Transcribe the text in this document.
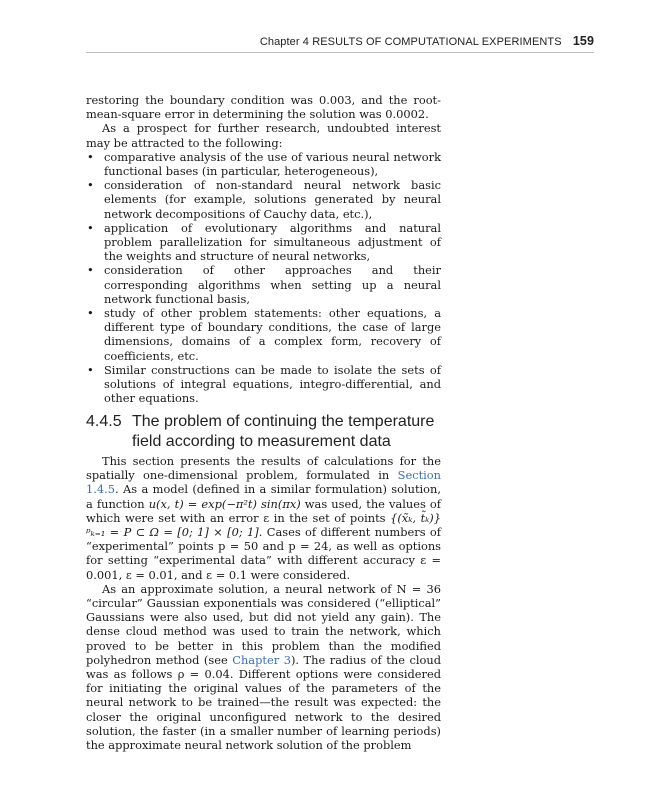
Chapter 4 RESULTS OF COMPUTATIONAL EXPERIMENTS 159

restoring the boundary condition was 0.003, and the root-mean-square error in determining the solution was 0.0002.

As a prospect for further research, undoubted interest may be attracted to the following:

• comparative analysis of the use of various neural network functional bases (in particular, heterogeneous),
• consideration of non-standard neural network basic elements (for example, solutions generated by neural network decompositions of Cauchy data, etc.),
• application of evolutionary algorithms and natural problem parallelization for simultaneous adjustment of the weights and structure of neural networks,
• consideration of other approaches and their corresponding algorithms when setting up a neural network functional basis,
• study of other problem statements: other equations, a different type of boundary conditions, the case of large dimensions, domains of a complex form, recovery of coefficients, etc.
• Similar constructions can be made to isolate the sets of solutions of integral equations, integro-differential, and other equations.
4.4.5 The problem of continuing the temperature field according to measurement data

This section presents the results of calculations for the spatially one-dimensional problem, formulated in Section 1.4.5. As a model (defined in a similar formulation) solution, a function u(x, t) = exp(−π²t) sin(πx) was used, the values of which were set with an error ε in the set of points {(x̃ₖ, t̃ₖ)}ᵖₖ₌₁ = P ⊂ Ω = [0; 1] × [0; 1]. Cases of different numbers of “experimental” points p = 50 and p = 24, as well as options for setting “experimental data” with different accuracy ε = 0.001, ε = 0.01, and ε = 0.1 were considered.

As an approximate solution, a neural network of N = 36 “circular” Gaussian exponentials was considered (“elliptical” Gaussians were also used, but did not yield any gain). The dense cloud method was used to train the network, which proved to be better in this problem than the modified polyhedron method (see Chapter 3). The radius of the cloud was as follows ρ = 0.04. Different options were considered for initiating the original values of the parameters of the neural network to be trained—the result was expected: the closer the original unconfigured network to the desired solution, the faster (in a smaller number of learning periods) the approximate neural network solution of the problem
